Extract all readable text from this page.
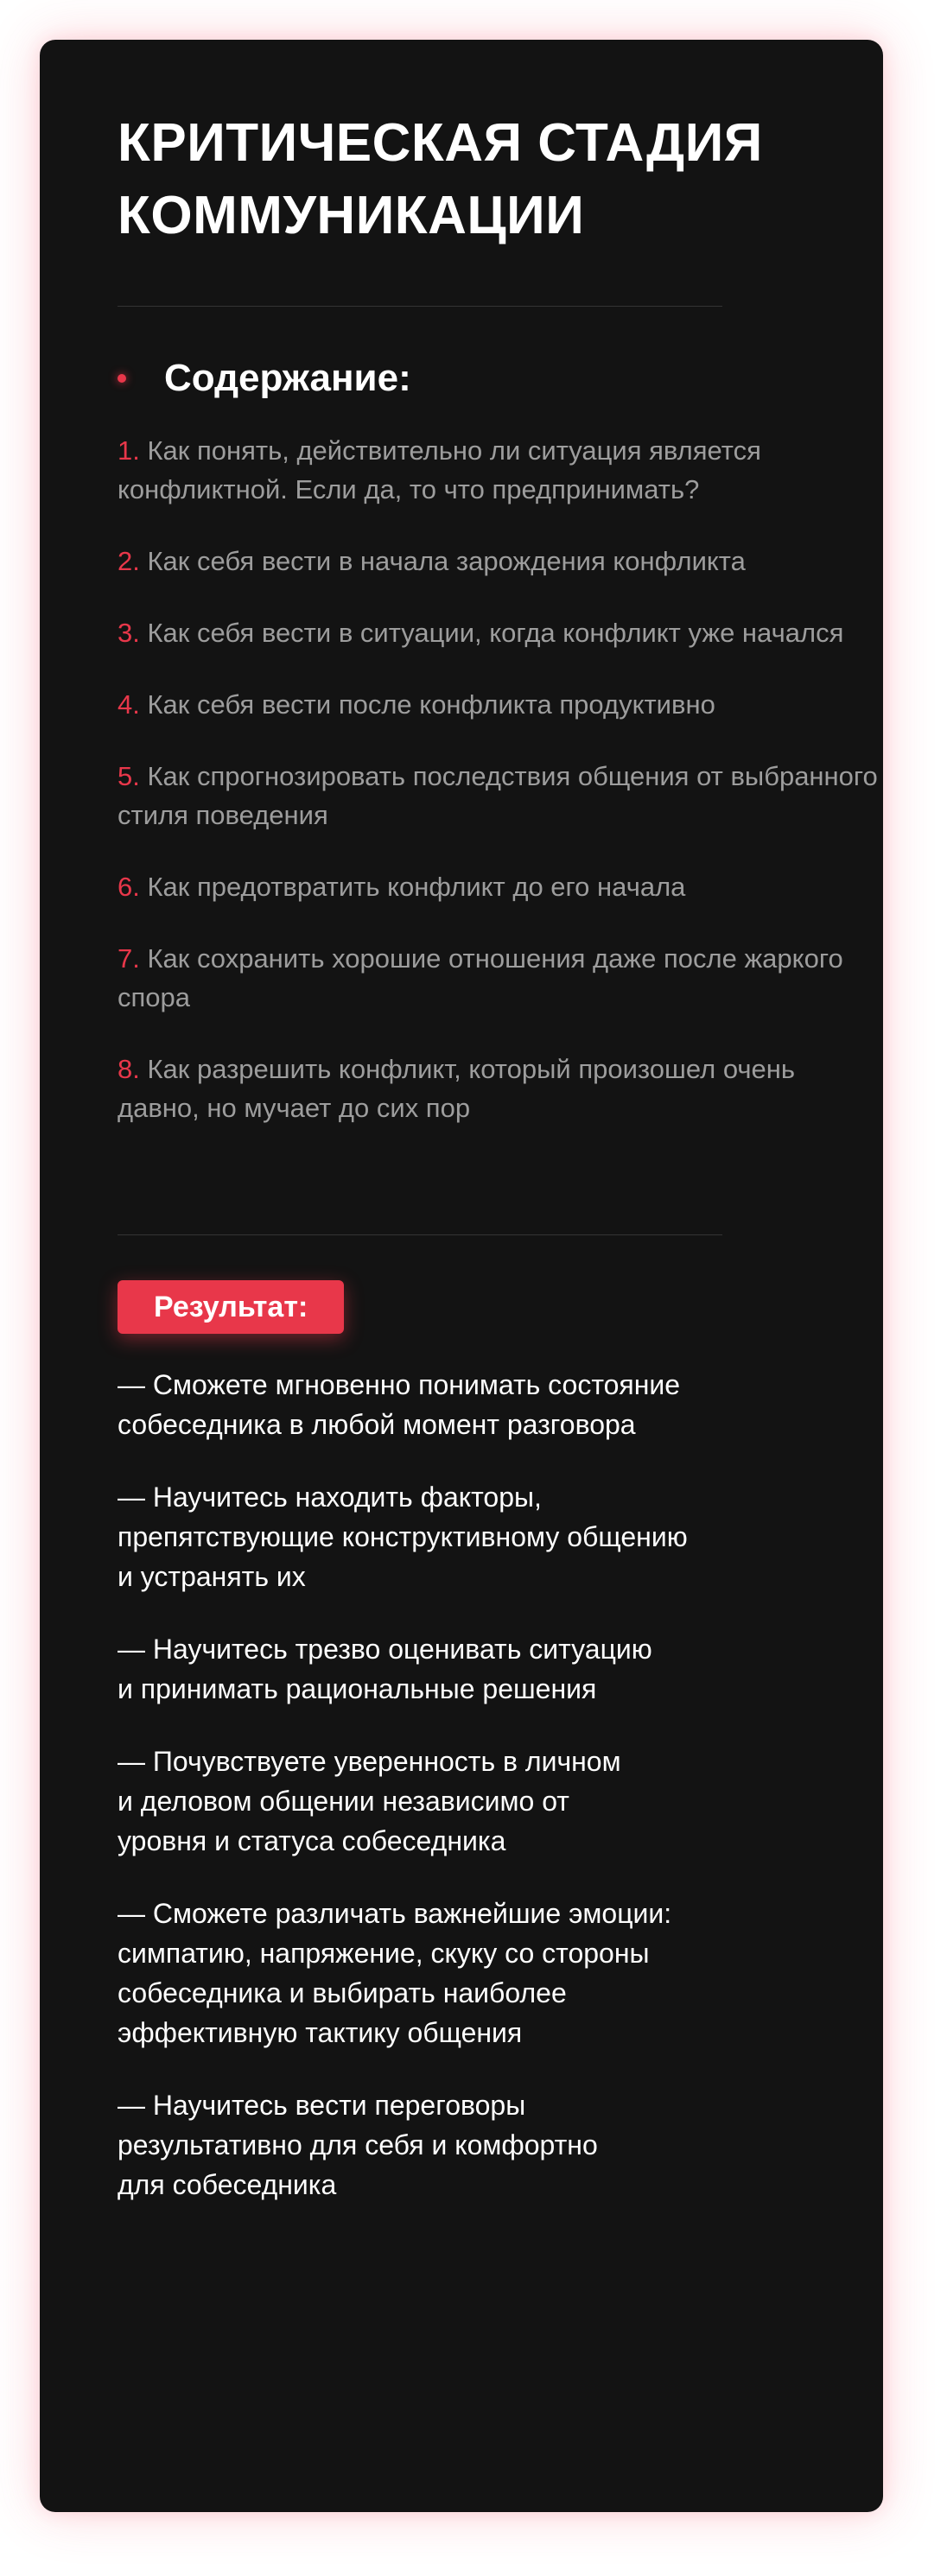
КРИТИЧЕСКАЯ СТАДИЯ КОММУНИКАЦИИ
Содержание:
1. Как понять, действительно ли ситуация является конфликтной. Если да, то что предпринимать?
2. Как себя вести в начала зарождения конфликта
3. Как себя вести в ситуации, когда конфликт уже начался
4. Как себя вести после конфликта продуктивно
5. Как спрогнозировать последствия общения от выбранного стиля поведения
6. Как предотвратить конфликт до его начала
7. Как сохранить хорошие отношения даже после жаркого спора
8. Как разрешить конфликт, который произошел очень давно, но мучает до сих пор
Результат:
— Сможете мгновенно понимать состояние
собеседника в любой момент разговора
— Научитесь находить факторы,
препятствующие конструктивному общению
и устранять их
— Научитесь трезво оценивать ситуацию
и принимать рациональные решения
— Почувствуете уверенность в личном
и деловом общении независимо от
уровня и статуса собеседника
— Сможете различать важнейшие эмоции:
симпатию, напряжение, скуку со стороны
собеседника и выбирать наиболее
эффективную тактику общения
— Научитесь вести переговоры
результативно для себя и комфортно
для собеседника
